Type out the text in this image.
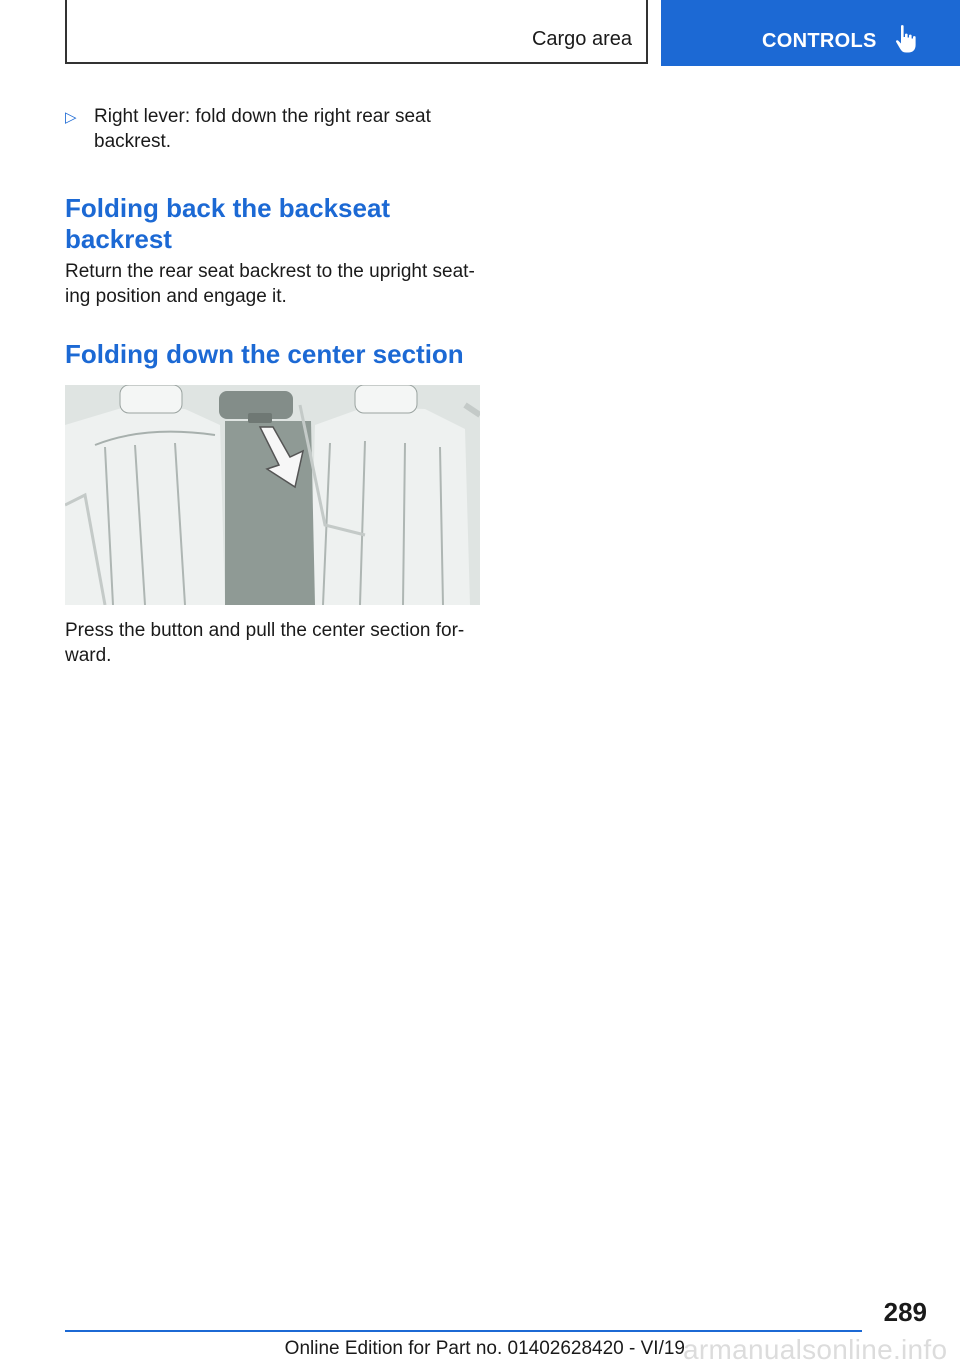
Cargo area	CONTROLS
▷ Right lever: fold down the right rear seat backrest.
Folding back the backseat backrest

Return the rear seat backrest to the upright seating position and engage it.

Folding down the center section

Press the button and pull the center section forward.

289
Online Edition for Part no. 01402628420 - VI/19
armanualsonline.info
